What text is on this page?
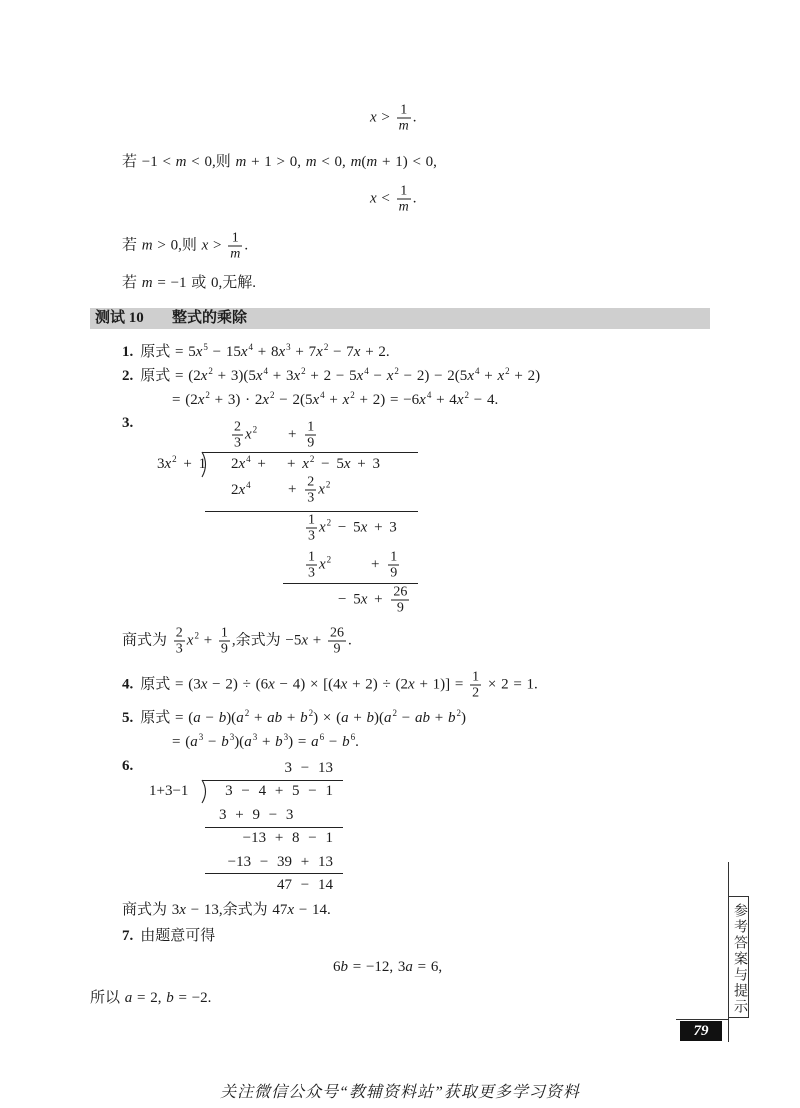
$x > \frac{1}{m}$ .
若 −1 < m < 0,则 m + 1 > 0, m < 0, m(m + 1) < 0,
$x < \frac{1}{m}$ .
若 m > 0,则 $x > \frac{1}{m}$ .
若 m = −1 或 0,无解.
测试 10 整式的乘除
1. 原式 = $5x^5 - 15x^4 + 8x^3 + 7x^2 - 7x + 2$.
2. 原式 = $(2x^2 + 3)(5x^4 + 3x^2 + 2 - 5x^4 - x^2 - 2) - 2(5x^4 + x^2 + 2)$
= $(2x^2 + 3) \cdot 2x^2 - 2(5x^4 + x^2 + 2) = -6x^4 + 4x^2 - 4$.
3.	$\frac{2}{3} x^2 + \frac{1}{9}$
$3x^2 + 1$ $2x^4$ + + $x^2 - 5x + 3$
$2x^4 + \frac{2}{3} x^2$
$\frac{1}{3} x^2 - 5x + 3$
$\frac{1}{3} x^2$	+ $\frac{1}{9}$
− $5x + \frac{26}{9}$
商式为 $\frac{2}{3} x^2 + \frac{1}{9}$ ,余式为 $-5x + \frac{26}{9}$ .
4. 原式 = $(3x - 2) \div (6x - 4) \times [(4x + 2) \div (2x + 1)] = \frac{1}{2} \times 2 = 1$.
5. 原式 = $(a - b)(a^2$ + ab + $b^2) \times (a + b)(a^2$ − ab + $b^2$)
= $(a^3 - b^3)(a^3 + b^3) = a^6 - b^6$.
6.	3 − 13
1+3−1 3 − 4 + 5 − 1
3 + 9 − 3
−13 + 8 − 1
−13 − 39 + 13
47 − 14
商式为 3x − 13,余式为 47x − 14.
7. 由题意可得
6b = −12, 3a = 6,
所以 a = 2, b = −2.	参考答案与提示
79
关注微信公众号“教辅资料站”获取更多学习资料
